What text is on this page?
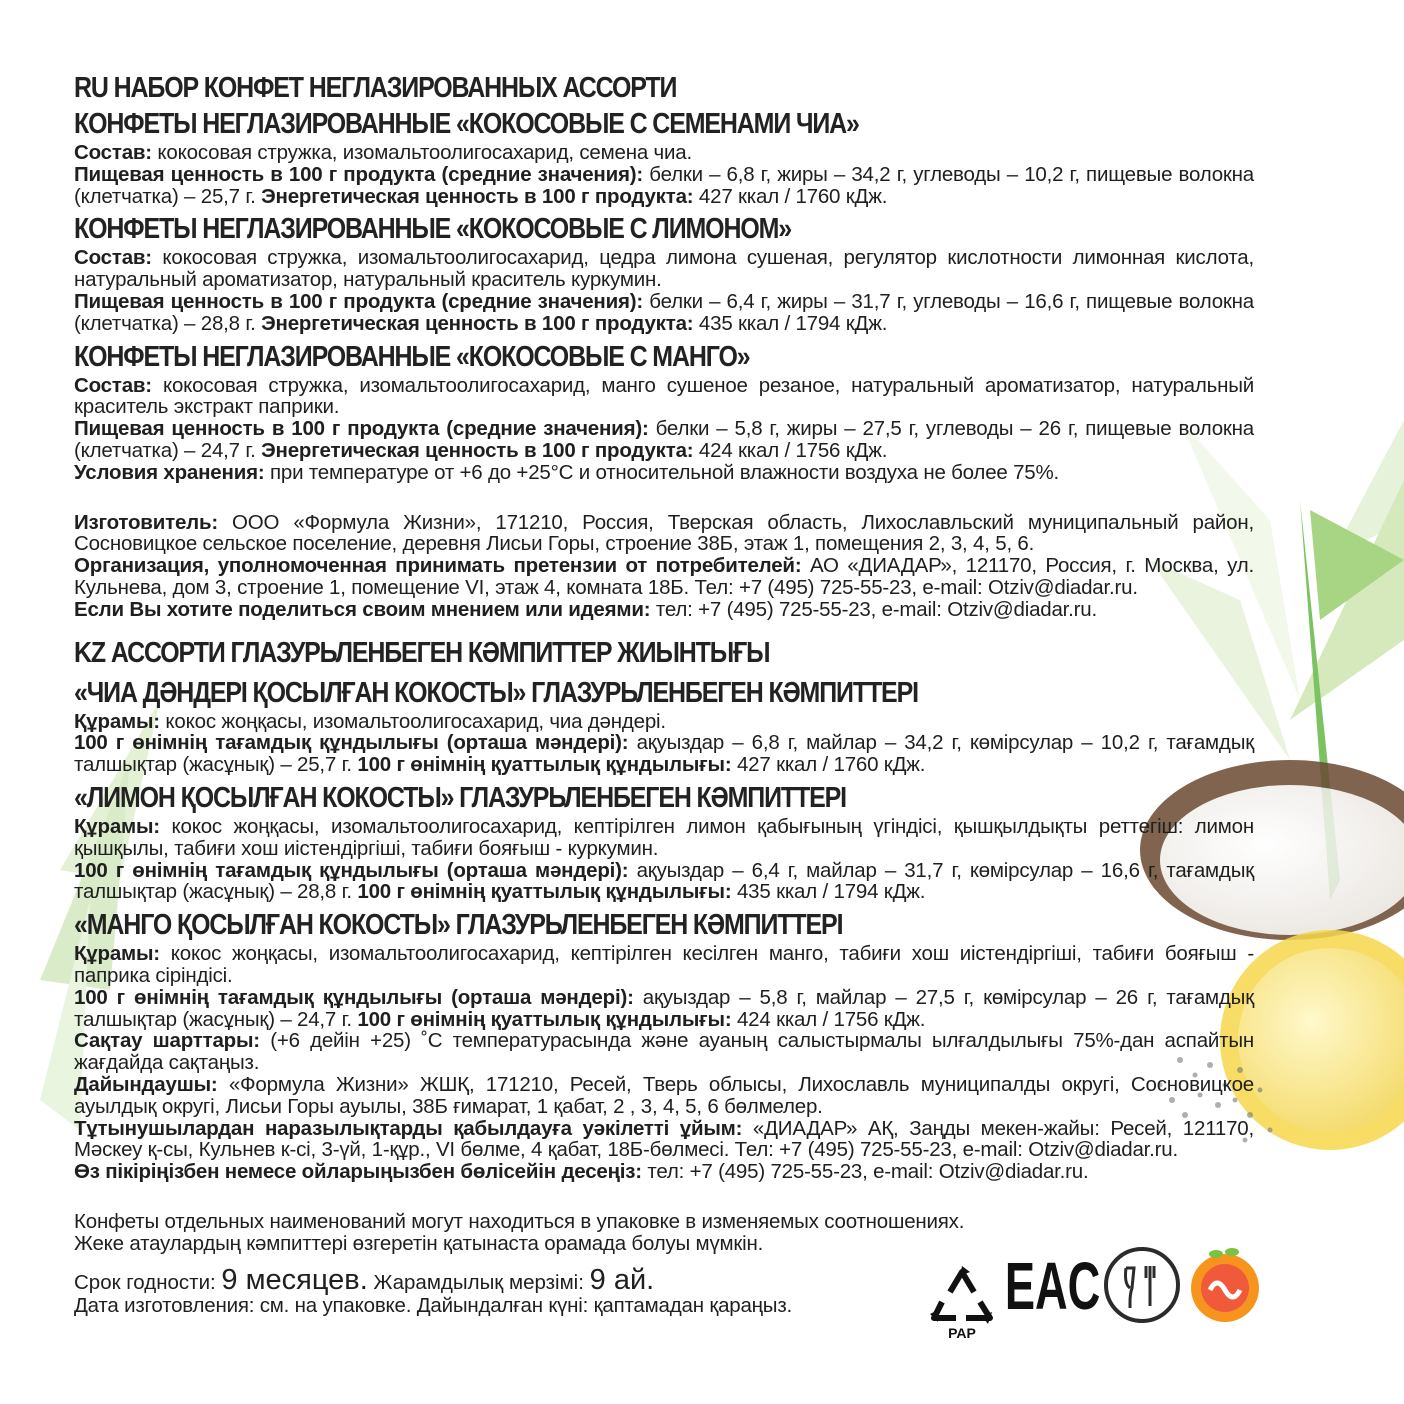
RU НАБОР КОНФЕТ НЕГЛАЗИРОВАННЫХ АССОРТИ
КОНФЕТЫ НЕГЛАЗИРОВАННЫЕ «КОКОСОВЫЕ С СЕМЕНАМИ ЧИА»
Состав: кокосовая стружка, изомальтоолигосахарид, семена чиа.
Пищевая ценность в 100 г продукта (средние значения): белки – 6,8 г, жиры – 34,2 г, углеводы – 10,2 г, пищевые волокна (клетчатка) – 25,7 г. Энергетическая ценность в 100 г продукта: 427 ккал / 1760 кДж.
КОНФЕТЫ НЕГЛАЗИРОВАННЫЕ «КОКОСОВЫЕ С ЛИМОНОМ»
Состав: кокосовая стружка, изомальтоолигосахарид, цедра лимона сушеная, регулятор кислотности лимонная кислота, натуральный ароматизатор, натуральный краситель куркумин.
Пищевая ценность в 100 г продукта (средние значения): белки – 6,4 г, жиры – 31,7 г, углеводы – 16,6 г, пищевые волокна (клетчатка) – 28,8 г. Энергетическая ценность в 100 г продукта: 435 ккал / 1794 кДж.
КОНФЕТЫ НЕГЛАЗИРОВАННЫЕ «КОКОСОВЫЕ С МАНГО»
Состав: кокосовая стружка, изомальтоолигосахарид, манго сушеное резаное, натуральный ароматизатор, натуральный краситель экстракт паприки.
Пищевая ценность в 100 г продукта (средние значения): белки – 5,8 г, жиры – 27,5 г, углеводы – 26 г, пищевые волокна (клетчатка) – 24,7 г. Энергетическая ценность в 100 г продукта: 424 ккал / 1756 кДж.
Условия хранения: при температуре от +6 до +25°С и относительной влажности воздуха не более 75%.
Изготовитель: ООО «Формула Жизни», 171210, Россия, Тверская область, Лихославльский муниципальный район, Сосновицкое сельское поселение, деревня Лисьи Горы, строение 38Б, этаж 1, помещения 2, 3, 4, 5, 6.
Организация, уполномоченная принимать претензии от потребителей: АО «ДИАДАР», 121170, Россия, г. Москва, ул. Кульнева, дом 3, строение 1, помещение VI, этаж 4, комната 18Б. Тел: +7 (495) 725-55-23, e-mail: Otziv@diadar.ru.
Если Вы хотите поделиться своим мнением или идеями: тел: +7 (495) 725-55-23, e-mail: Otziv@diadar.ru.
KZ АССОРТИ ГЛАЗУРЬЛЕНБЕГЕН КӘМПИТТЕР ЖИЫНТЫҒЫ
«ЧИА ДӘНДЕРІ ҚОСЫЛҒАН КОКОСТЫ» ГЛАЗУРЬЛЕНБЕГЕН КӘМПИТТЕРІ
Құрамы: кокос жоңқасы, изомальтоолигосахарид, чиа дәндері.
100 г өнімнің тағамдық құндылығы (орташа мәндері): ақуыздар – 6,8 г, майлар – 34,2 г, көмірсулар – 10,2 г, тағамдық талшықтар (жасұнық) – 25,7 г. 100 г өнімнің қуаттылық құндылығы: 427 ккал / 1760 кДж.
«ЛИМОН ҚОСЫЛҒАН КОКОСТЫ» ГЛАЗУРЬЛЕНБЕГЕН КӘМПИТТЕРІ
Құрамы: кокос жоңқасы, изомальтоолигосахарид, кептірілген лимон қабығының үгіндісі, қышқылдықты реттегіш: лимон қышқылы, табиғи хош иістендіргіші, табиғи бояғыш - куркумин.
100 г өнімнің тағамдық құндылығы (орташа мәндері): ақуыздар – 6,4 г, майлар – 31,7 г, көмірсулар – 16,6 г, тағамдық талшықтар (жасұнық) – 28,8 г. 100 г өнімнің қуаттылық құндылығы: 435 ккал / 1794 кДж.
«МАНГО ҚОСЫЛҒАН КОКОСТЫ» ГЛАЗУРЬЛЕНБЕГЕН КӘМПИТТЕРІ
Құрамы: кокос жоңқасы, изомальтоолигосахарид, кептірілген кесілген манго, табиғи хош иістендіргіші, табиғи бояғыш - паприка сіріндісі.
100 г өнімнің тағамдық құндылығы (орташа мәндері): ақуыздар – 5,8 г, майлар – 27,5 г, көмірсулар – 26 г, тағамдық талшықтар (жасұнық) – 24,7 г. 100 г өнімнің қуаттылық құндылығы: 424 ккал / 1756 кДж.
Сақтау шарттары: (+6 дейін +25) ˚С температурасында және ауаның салыстырмалы ылғалдылығы 75%-дан аспайтын жағдайда сақтаңыз.
Дайындаушы: «Формула Жизни» ЖШҚ, 171210, Ресей, Тверь облысы, Лихославль муниципалды округі, Сосновицкое ауылдық округі, Лисьи Горы ауылы, 38Б ғимарат, 1 қабат, 2 , 3, 4, 5, 6 бөлмелер.
Тұтынушылардан наразылықтарды қабылдауға уәкілетті ұйым: «ДИАДАР» АҚ, Заңды мекен-жайы: Ресей, 121170, Мәскеу қ-сы, Кульнев к-сі, 3-үй, 1-құр., VI бөлме, 4 қабат, 18Б-бөлмесі. Тел: +7 (495) 725-55-23, e-mail: Otziv@diadar.ru.
Өз пікіріңізбен немесе ойларыңызбен бөлісейін десеңіз: тел: +7 (495) 725-55-23, e-mail: Otziv@diadar.ru.
Конфеты отдельных наименований могут находиться в упаковке в изменяемых соотношениях.
Жеке атаулардың кәмпиттері өзгеретін қатынаста орамада болуы мүмкін.
Срок годности: 9 месяцев. Жарамдылық мерзімі: 9 ай.
Дата изготовления: см. на упаковке. Дайындалған күні: қаптамадан қараңыз.
PAP
EAC
